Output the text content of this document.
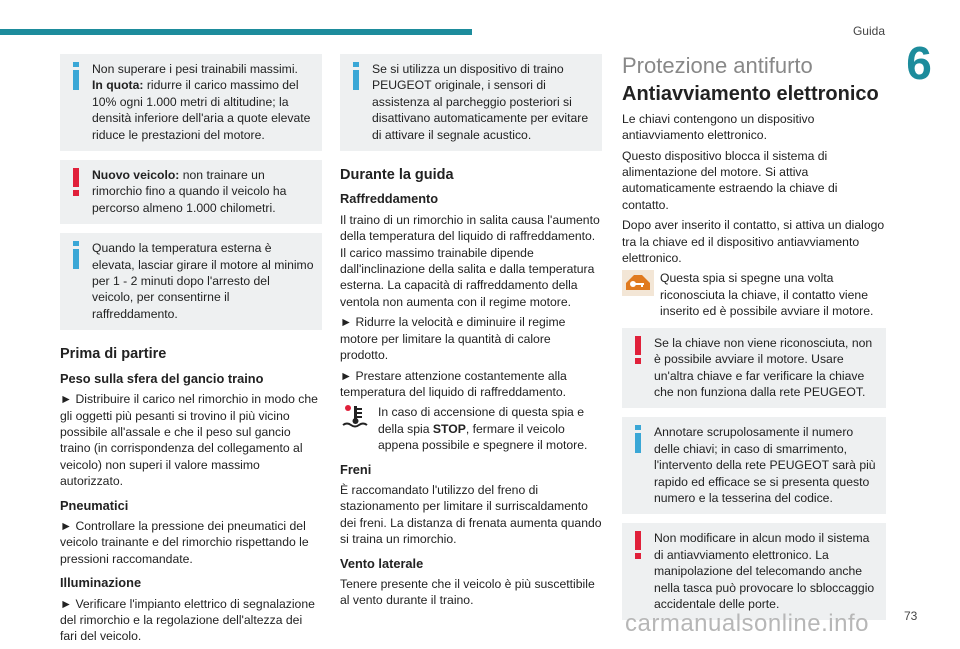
Guida
6

Non superare i pesi trainabili massimi.
In quota: ridurre il carico massimo del 10% ogni 1.000 metri di altitudine; la densità inferiore dell'aria a quote elevate riduce le prestazioni del motore.

Nuovo veicolo: non trainare un rimorchio fino a quando il veicolo ha percorso almeno 1.000 chilometri.

Quando la temperatura esterna è elevata, lasciar girare il motore al minimo per 1 - 2 minuti dopo l'arresto del veicolo, per consentirne il raffreddamento.

Prima di partire
Peso sulla sfera del gancio traino

► Distribuire il carico nel rimorchio in modo che gli oggetti più pesanti si trovino il più vicino possibile all'assale e che il peso sul gancio traino (in corrispondenza del collegamento al veicolo) non superi il valore massimo autorizzato.

Pneumatici

► Controllare la pressione dei pneumatici del veicolo trainante e del rimorchio rispettando le pressioni raccomandate.

Illuminazione

► Verificare l'impianto elettrico di segnalazione del rimorchio e la regolazione dell'altezza dei fari del veicolo.

Se si utilizza un dispositivo di traino PEUGEOT originale, i sensori di assistenza al parcheggio posteriori si disattivano automaticamente per evitare di attivare il segnale acustico.

Durante la guida
Raffreddamento

Il traino di un rimorchio in salita causa l'aumento della temperatura del liquido di raffreddamento. Il carico massimo trainabile dipende dall'inclinazione della salita e dalla temperatura esterna. La capacità di raffreddamento della ventola non aumenta con il regime motore.

► Ridurre la velocità e diminuire il regime motore per limitare la quantità di calore prodotto.

► Prestare attenzione costantemente alla temperatura del liquido di raffreddamento.

In caso di accensione di questa spia e della spia STOP, fermare il veicolo appena possibile e spegnere il motore.

Freni

È raccomandato l'utilizzo del freno di stazionamento per limitare il surriscaldamento dei freni. La distanza di frenata aumenta quando si traina un rimorchio.

Vento laterale

Tenere presente che il veicolo è più suscettibile al vento durante il traino.

Protezione antifurto
Antiavviamento elettronico

Le chiavi contengono un dispositivo antiavviamento elettronico.

Questo dispositivo blocca il sistema di alimentazione del motore. Si attiva automaticamente estraendo la chiave di contatto.

Dopo aver inserito il contatto, si attiva un dialogo tra la chiave ed il dispositivo antiavviamento elettronico.

Questa spia si spegne una volta riconosciuta la chiave, il contatto viene inserito ed è possibile avviare il motore.

Se la chiave non viene riconosciuta, non è possibile avviare il motore. Usare un'altra chiave e far verificare la chiave che non funziona dalla rete PEUGEOT.

Annotare scrupolosamente il numero delle chiavi; in caso di smarrimento, l'intervento della rete PEUGEOT sarà più rapido ed efficace se si presenta questo numero e la tesserina del codice.

Non modificare in alcun modo il sistema di antiavviamento elettronico. La manipolazione del telecomando anche nella tasca può provocare lo sbloccaggio accidentale delle porte.

carmanualsonline.info	73
